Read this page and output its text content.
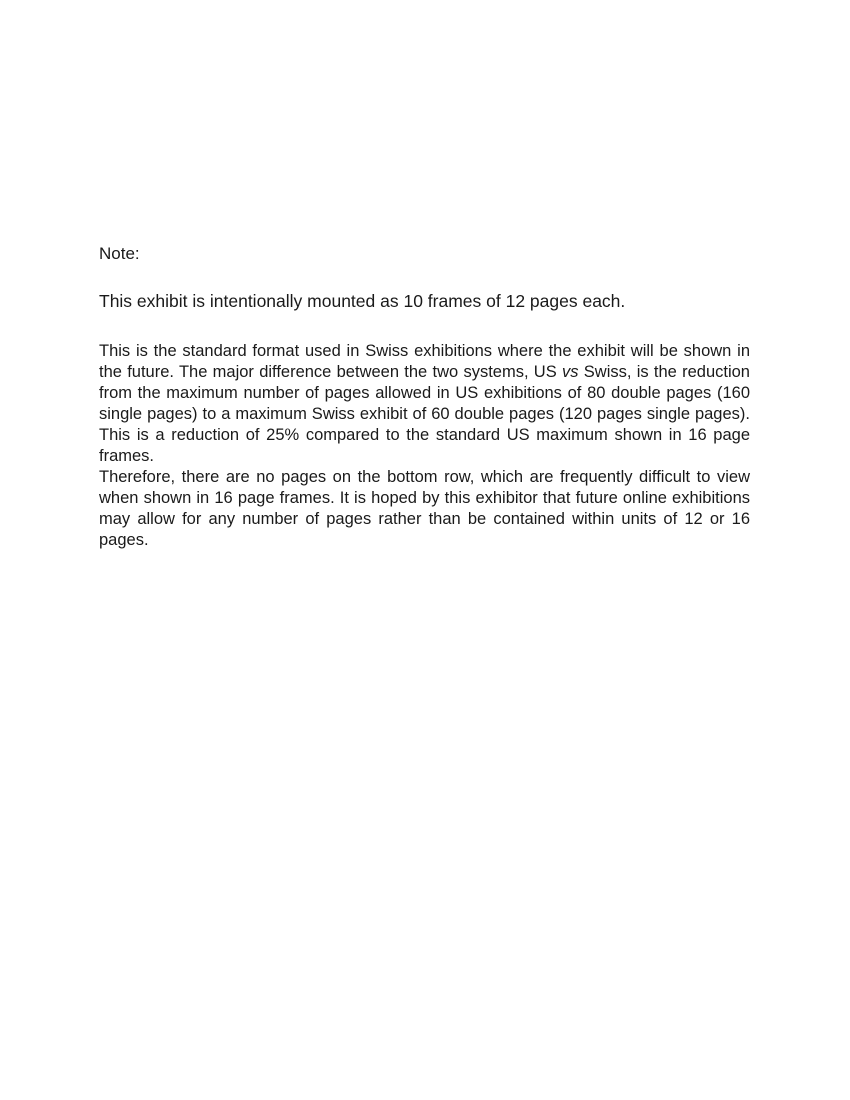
Note:

This exhibit is intentionally mounted as 10 frames of 12 pages each.

This is the standard format used in Swiss exhibitions where the exhibit will be shown in the future. The major difference between the two systems, US vs Swiss, is the reduction from the maximum number of pages allowed in US exhibitions of 80 double pages (160 single pages) to a maximum Swiss exhibit of 60 double pages (120 pages single pages). This is a reduction of 25% compared to the standard US maximum shown in 16 page frames.

Therefore, there are no pages on the bottom row, which are frequently difficult to view when shown in 16 page frames. It is hoped by this exhibitor that future online exhibitions may allow for any number of pages rather than be contained within units of 12 or 16 pages.
